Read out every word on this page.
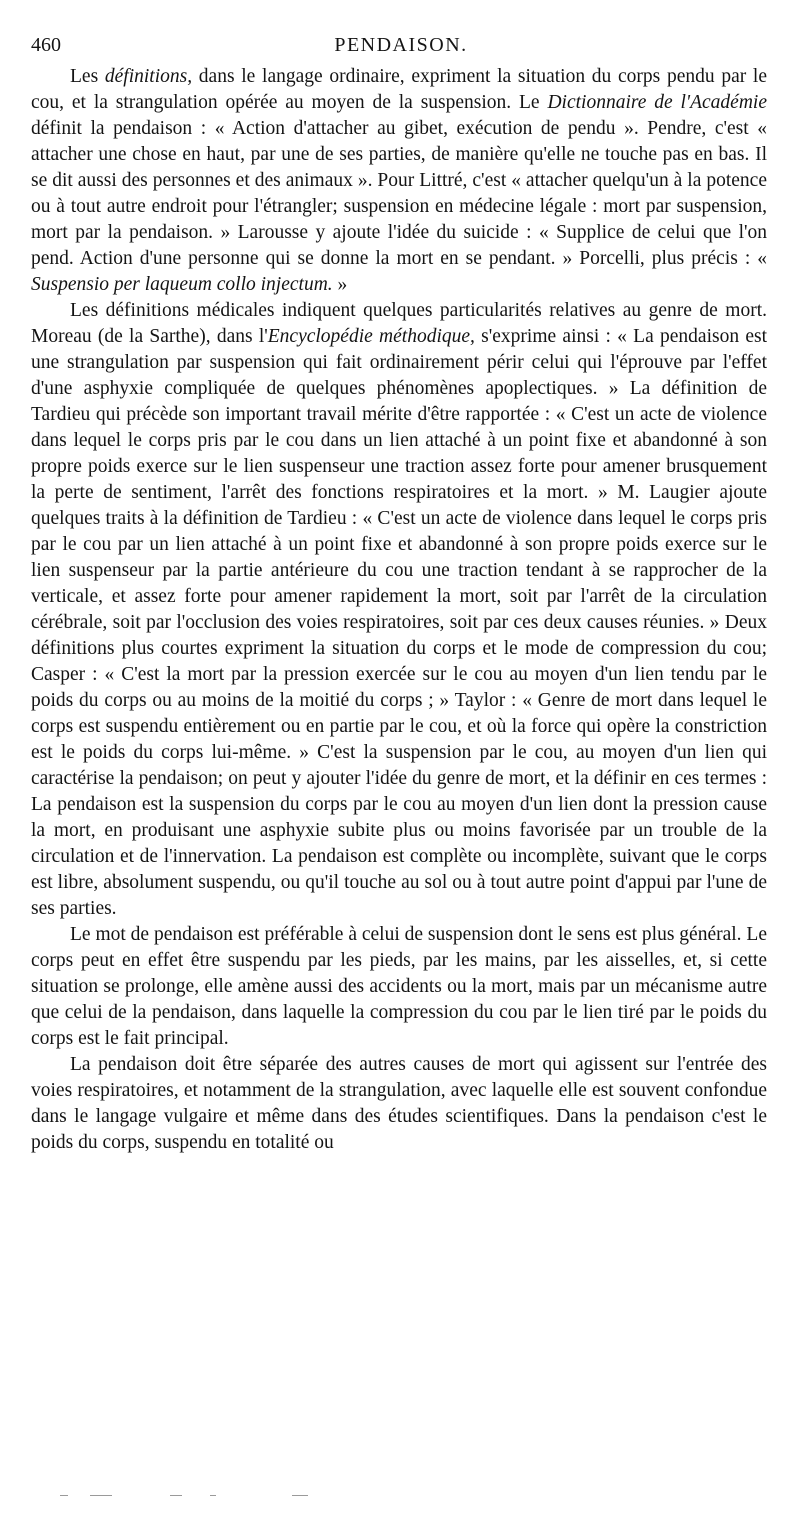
460	PENDAISON.

Les définitions, dans le langage ordinaire, expriment la situation du corps pendu par le cou, et la strangulation opérée au moyen de la suspension. Le Dictionnaire de l'Académie définit la pendaison : « Action d'attacher au gibet, exécution de pendu ». Pendre, c'est « attacher une chose en haut, par une de ses parties, de manière qu'elle ne touche pas en bas. Il se dit aussi des personnes et des animaux ». Pour Littré, c'est « attacher quelqu'un à la potence ou à tout autre endroit pour l'étrangler; suspension en médecine légale : mort par suspension, mort par la pendaison. » Larousse y ajoute l'idée du suicide : « Supplice de celui que l'on pend. Action d'une personne qui se donne la mort en se pendant. » Porcelli, plus précis : « Suspensio per laqueum collo injectum. »

Les définitions médicales indiquent quelques particularités relatives au genre de mort. Moreau (de la Sarthe), dans l'Encyclopédie méthodique, s'exprime ainsi : « La pendaison est une strangulation par suspension qui fait ordinairement périr celui qui l'éprouve par l'effet d'une asphyxie compliquée de quelques phénomènes apoplectiques. » La définition de Tardieu qui précède son important travail mérite d'être rapportée : « C'est un acte de violence dans lequel le corps pris par le cou dans un lien attaché à un point fixe et abandonné à son propre poids exerce sur le lien suspenseur une traction assez forte pour amener brusquement la perte de sentiment, l'arrêt des fonctions respiratoires et la mort. » M. Laugier ajoute quelques traits à la définition de Tardieu : « C'est un acte de violence dans lequel le corps pris par le cou par un lien attaché à un point fixe et abandonné à son propre poids exerce sur le lien suspenseur par la partie antérieure du cou une traction tendant à se rapprocher de la verticale, et assez forte pour amener rapidement la mort, soit par l'arrêt de la circulation cérébrale, soit par l'occlusion des voies respiratoires, soit par ces deux causes réunies. » Deux définitions plus courtes expriment la situation du corps et le mode de compression du cou; Casper : « C'est la mort par la pression exercée sur le cou au moyen d'un lien tendu par le poids du corps ou au moins de la moitié du corps ; » Taylor : « Genre de mort dans lequel le corps est suspendu entièrement ou en partie par le cou, et où la force qui opère la constriction est le poids du corps lui-même. » C'est la suspension par le cou, au moyen d'un lien qui caractérise la pendaison; on peut y ajouter l'idée du genre de mort, et la définir en ces termes : La pendaison est la suspension du corps par le cou au moyen d'un lien dont la pression cause la mort, en produisant une asphyxie subite plus ou moins favorisée par un trouble de la circulation et de l'innervation. La pendaison est complète ou incomplète, suivant que le corps est libre, absolument suspendu, ou qu'il touche au sol ou à tout autre point d'appui par l'une de ses parties.

Le mot de pendaison est préférable à celui de suspension dont le sens est plus général. Le corps peut en effet être suspendu par les pieds, par les mains, par les aisselles, et, si cette situation se prolonge, elle amène aussi des accidents ou la mort, mais par un mécanisme autre que celui de la pendaison, dans laquelle la compression du cou par le lien tiré par le poids du corps est le fait principal.

La pendaison doit être séparée des autres causes de mort qui agissent sur l'entrée des voies respiratoires, et notamment de la strangulation, avec laquelle elle est souvent confondue dans le langage vulgaire et même dans des études scientifiques. Dans la pendaison c'est le poids du corps, suspendu en totalité ou
